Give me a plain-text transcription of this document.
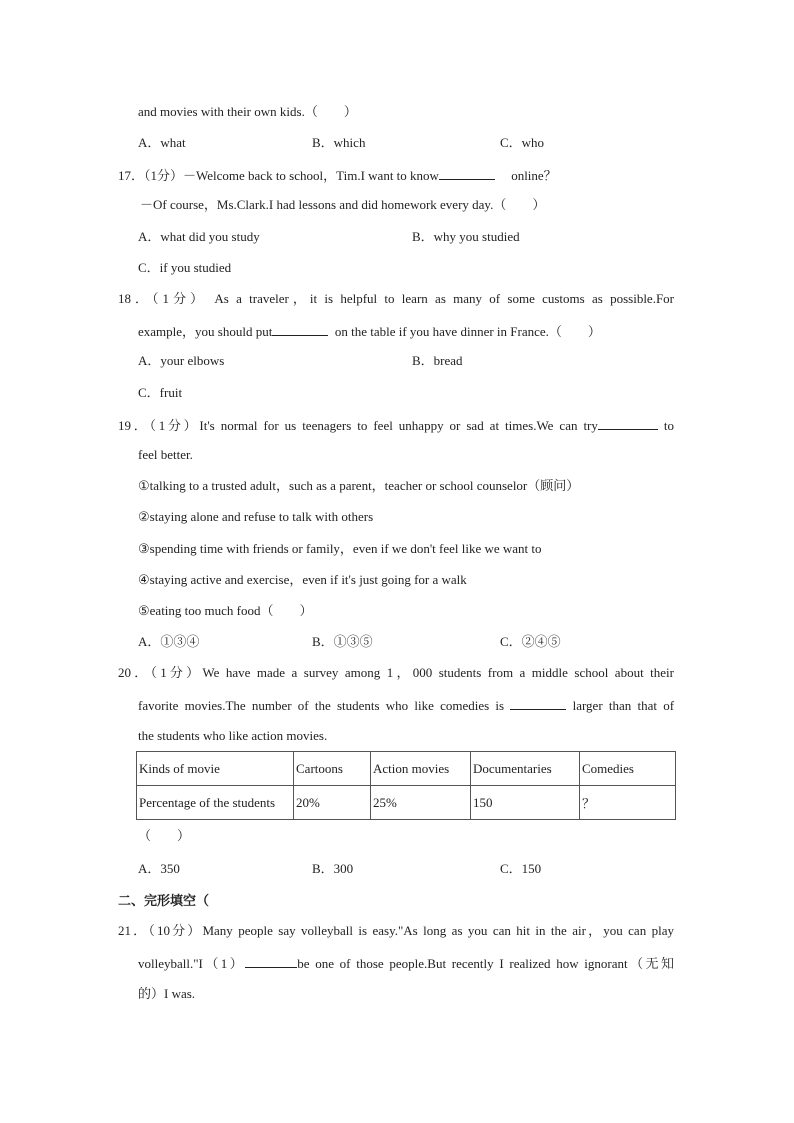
and movies with their own kids.（　　）
A．what	B．which	C．who
17．（1分）－Welcome back to school，Tim.I want to know	online？
－Of course，Ms.Clark.I had lessons and did homework every day.（　　）
A．what did you study	B．why you studied
C．if you studied
18．（1分） As a traveler，it is helpful to learn as many of some customs as possible.For
example，you should put	on the table if you have dinner in France.（　　）
A．your elbows	B．bread
C．fruit
19．（1分）It's normal for us teenagers to feel unhappy or sad at times.We can try	to
feel better.
①talking to a trusted adult，such as a parent，teacher or school counselor（顾问）
②staying alone and refuse to talk with others
③spending time with friends or family，even if we don't feel like we want to
④staying active and exercise，even if it's just going for a walk
⑤eating too much food（　　）
A．①③④	B．①③⑤	C．②④⑤
20．（1分）We have made a survey among 1，000 students from a middle school about their
favorite movies.The number of the students who like comedies is	larger than that of
the students who like action movies.
Kinds of movie	Cartoons	Action movies	Documentaries	Comedies
Percentage of the students	20%	25%	150	？
（　　）
A．350	B．300	C．150
二、完形填空（
21．（10分）Many people say volleyball is easy."As long as you can hit in the air，you can play
volleyball."I（1）	be one of those people.But recently I realized how ignorant（无知
的）I was.
